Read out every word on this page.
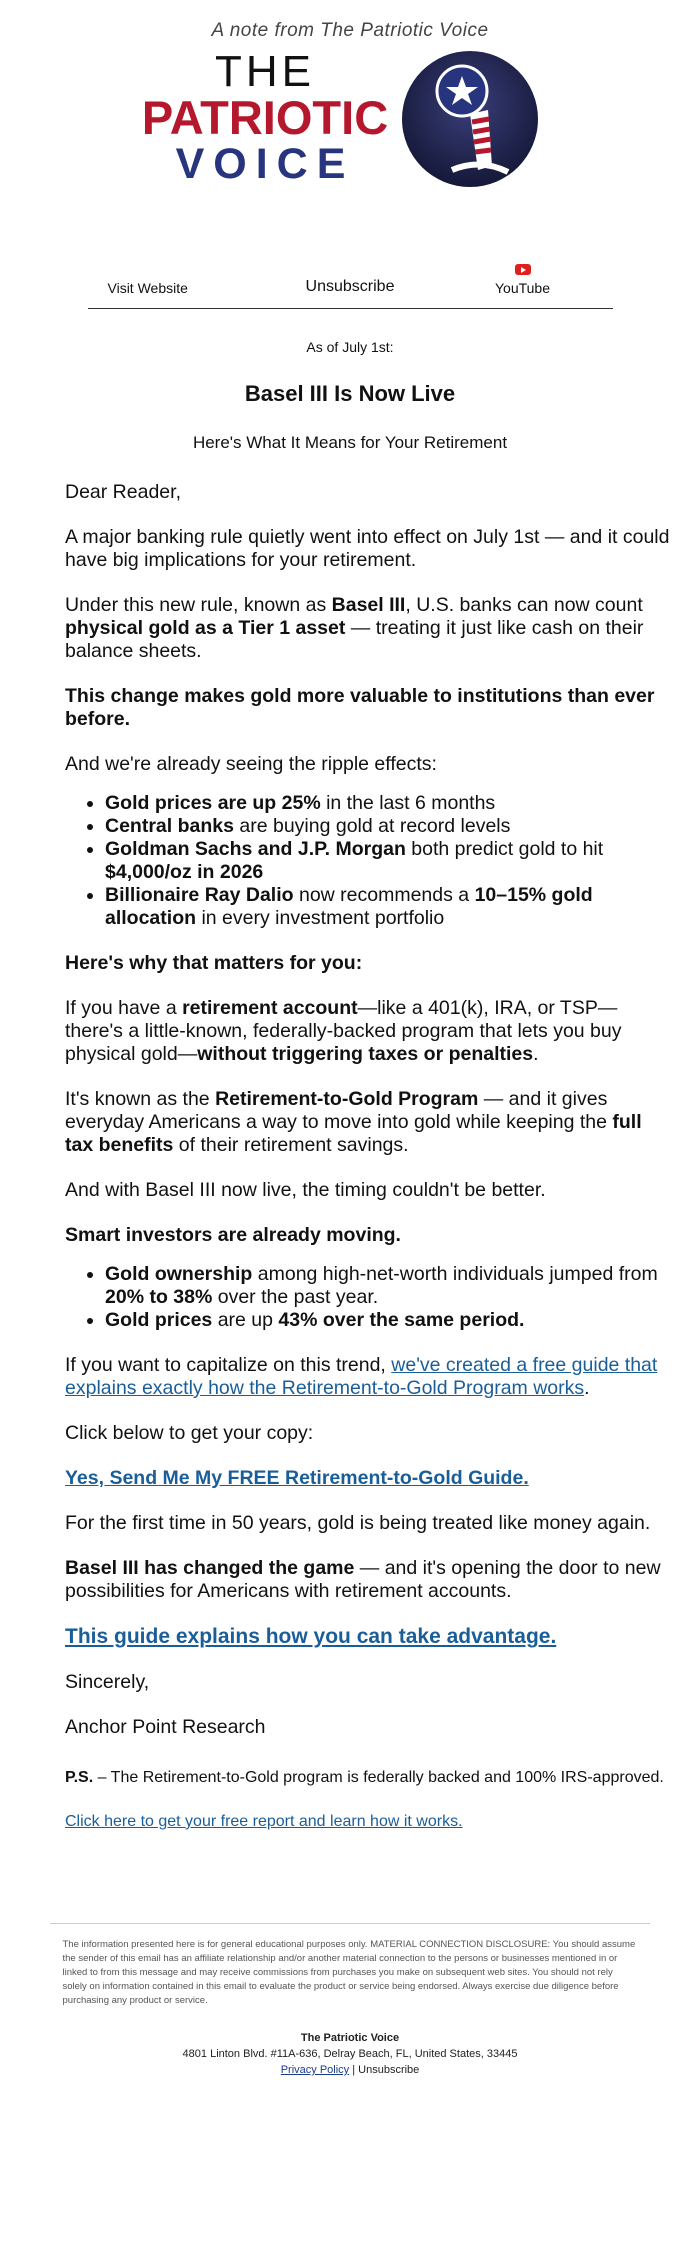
A note from The Patriotic Voice
THE
PATRIOTIC
VOICE
Visit Website	Unsubscribe	YouTube
As of July 1st:
Basel III Is Now Live
Here's What It Means for Your Retirement

Dear Reader,

A major banking rule quietly went into effect on July 1st — and it could have big implications for your retirement.

Under this new rule, known as Basel III, U.S. banks can now count physical gold as a Tier 1 asset — treating it just like cash on their balance sheets.

This change makes gold more valuable to institutions than ever before.

And we're already seeing the ripple effects:

• Gold prices are up 25% in the last 6 months
• Central banks are buying gold at record levels
• Goldman Sachs and J.P. Morgan both predict gold to hit $4,000/oz in 2026
• Billionaire Ray Dalio now recommends a 10–15% gold allocation in every investment portfolio

Here's why that matters for you:

If you have a retirement account—like a 401(k), IRA, or TSP—there's a little-known, federally-backed program that lets you buy physical gold—without triggering taxes or penalties.

It's known as the Retirement-to-Gold Program — and it gives everyday Americans a way to move into gold while keeping the full tax benefits of their retirement savings.

And with Basel III now live, the timing couldn't be better.

Smart investors are already moving.

• Gold ownership among high-net-worth individuals jumped from 20% to 38% over the past year.
• Gold prices are up 43% over the same period.

If you want to capitalize on this trend, we've created a free guide that explains exactly how the Retirement-to-Gold Program works.

Click below to get your copy:

Yes, Send Me My FREE Retirement-to-Gold Guide.

For the first time in 50 years, gold is being treated like money again.

Basel III has changed the game — and it's opening the door to new possibilities for Americans with retirement accounts.

This guide explains how you can take advantage.

Sincerely,

Anchor Point Research

P.S. – The Retirement-to-Gold program is federally backed and 100% IRS-approved.
Click here to get your free report and learn how it works.
The information presented here is for general educational purposes only. MATERIAL CONNECTION DISCLOSURE: You should assume the sender of this email has an affiliate relationship and/or another material connection to the persons or businesses mentioned in or linked to from this message and may receive commissions from purchases you make on subsequent web sites. You should not rely solely on information contained in this email to evaluate the product or service being endorsed. Always exercise due diligence before purchasing any product or service.
The Patriotic Voice
4801 Linton Blvd. #11A-636, Delray Beach, FL, United States, 33445
Privacy Policy | Unsubscribe
